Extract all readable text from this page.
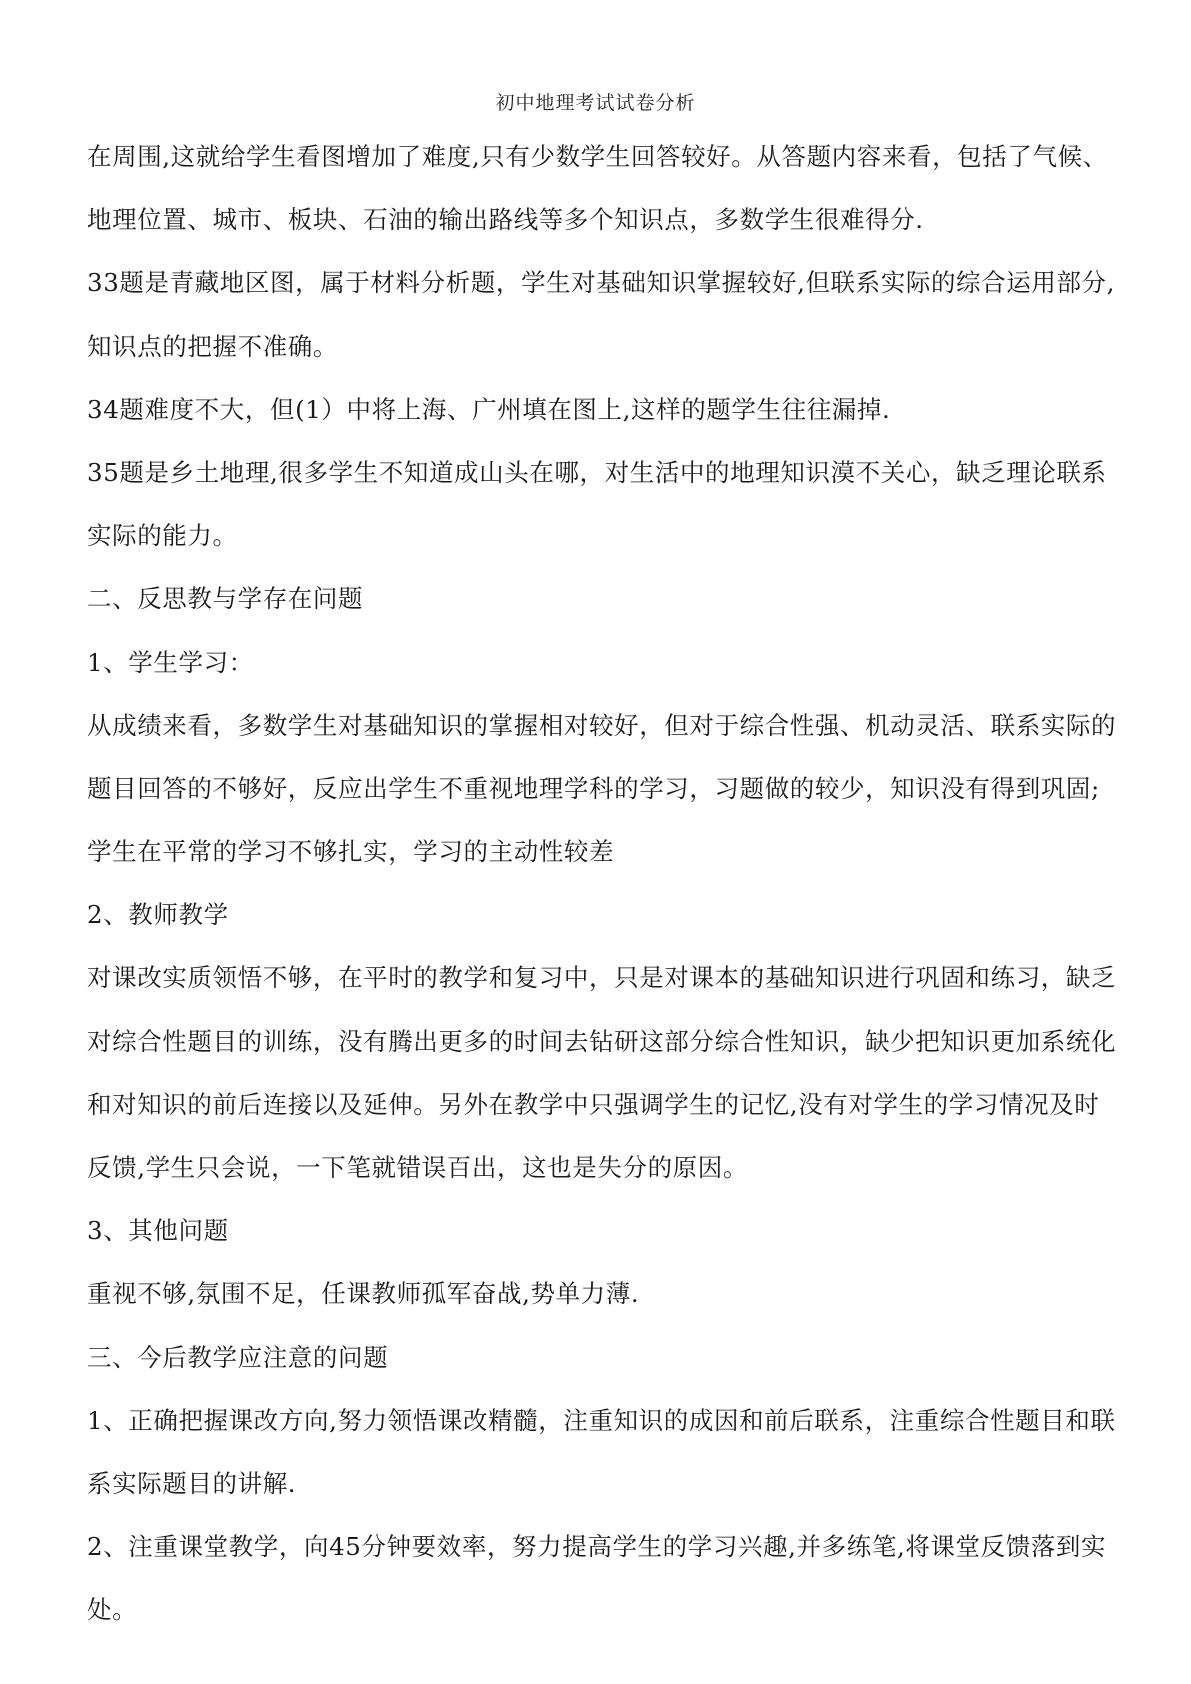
初中地理考试试卷分析
在周围,这就给学生看图增加了难度,只有少数学生回答较好。从答题内容来看，包括了气候、
地理位置、城市、板块、石油的输出路线等多个知识点，多数学生很难得分.
33题是青藏地区图，属于材料分析题，学生对基础知识掌握较好,但联系实际的综合运用部分,
知识点的把握不准确。
34题难度不大，但(1）中将上海、广州填在图上,这样的题学生往往漏掉.
35题是乡土地理,很多学生不知道成山头在哪，对生活中的地理知识漠不关心，缺乏理论联系
实际的能力。
二、反思教与学存在问题
1、学生学习：
从成绩来看，多数学生对基础知识的掌握相对较好，但对于综合性强、机动灵活、联系实际的
题目回答的不够好，反应出学生不重视地理学科的学习，习题做的较少，知识没有得到巩固;
学生在平常的学习不够扎实，学习的主动性较差
2、教师教学
对课改实质领悟不够，在平时的教学和复习中，只是对课本的基础知识进行巩固和练习，缺乏
对综合性题目的训练，没有腾出更多的时间去钻研这部分综合性知识，缺少把知识更加系统化
和对知识的前后连接以及延伸。另外在教学中只强调学生的记忆,没有对学生的学习情况及时
反馈,学生只会说，一下笔就错误百出，这也是失分的原因。
3、其他问题
重视不够,氛围不足，任课教师孤军奋战,势单力薄.
三、今后教学应注意的问题
1、正确把握课改方向,努力领悟课改精髓，注重知识的成因和前后联系，注重综合性题目和联
系实际题目的讲解.
2、注重课堂教学，向45分钟要效率，努力提高学生的学习兴趣,并多练笔,将课堂反馈落到实
处。
